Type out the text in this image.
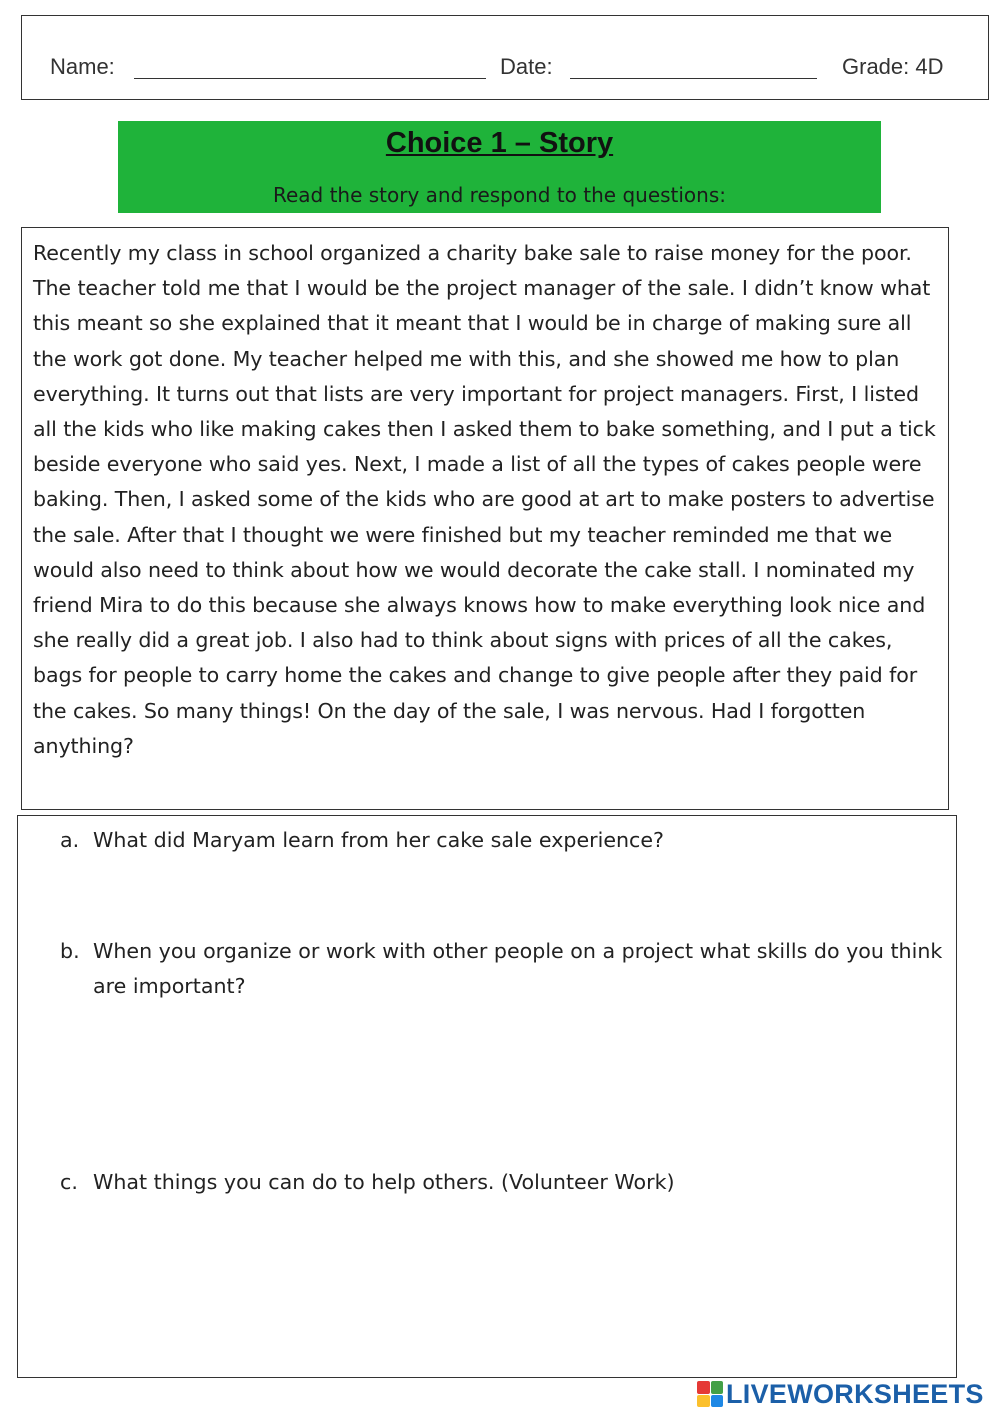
Name:	Date:	Grade: 4D
Choice 1 – Story
Read the story and respond to the questions:

Recently my class in school organized a charity bake sale to raise money for the poor. The teacher told me that I would be the project manager of the sale. I didn’t know what this meant so she explained that it meant that I would be in charge of making sure all the work got done. My teacher helped me with this, and she showed me how to plan everything. It turns out that lists are very important for project managers. First, I listed all the kids who like making cakes then I asked them to bake something, and I put a tick beside everyone who said yes. Next, I made a list of all the types of cakes people were baking. Then, I asked some of the kids who are good at art to make posters to advertise the sale. After that I thought we were finished but my teacher reminded me that we would also need to think about how we would decorate the cake stall. I nominated my friend Mira to do this because she always knows how to make everything look nice and she really did a great job. I also had to think about signs with prices of all the cakes, bags for people to carry home the cakes and change to give people after they paid for the cakes. So many things! On the day of the sale, I was nervous. Had I forgotten anything?

a. What did Maryam learn from her cake sale experience?
b. When you organize or work with other people on a project what skills do you think are important?
c. What things you can do to help others. (Volunteer Work)
LIVEWORKSHEETS
